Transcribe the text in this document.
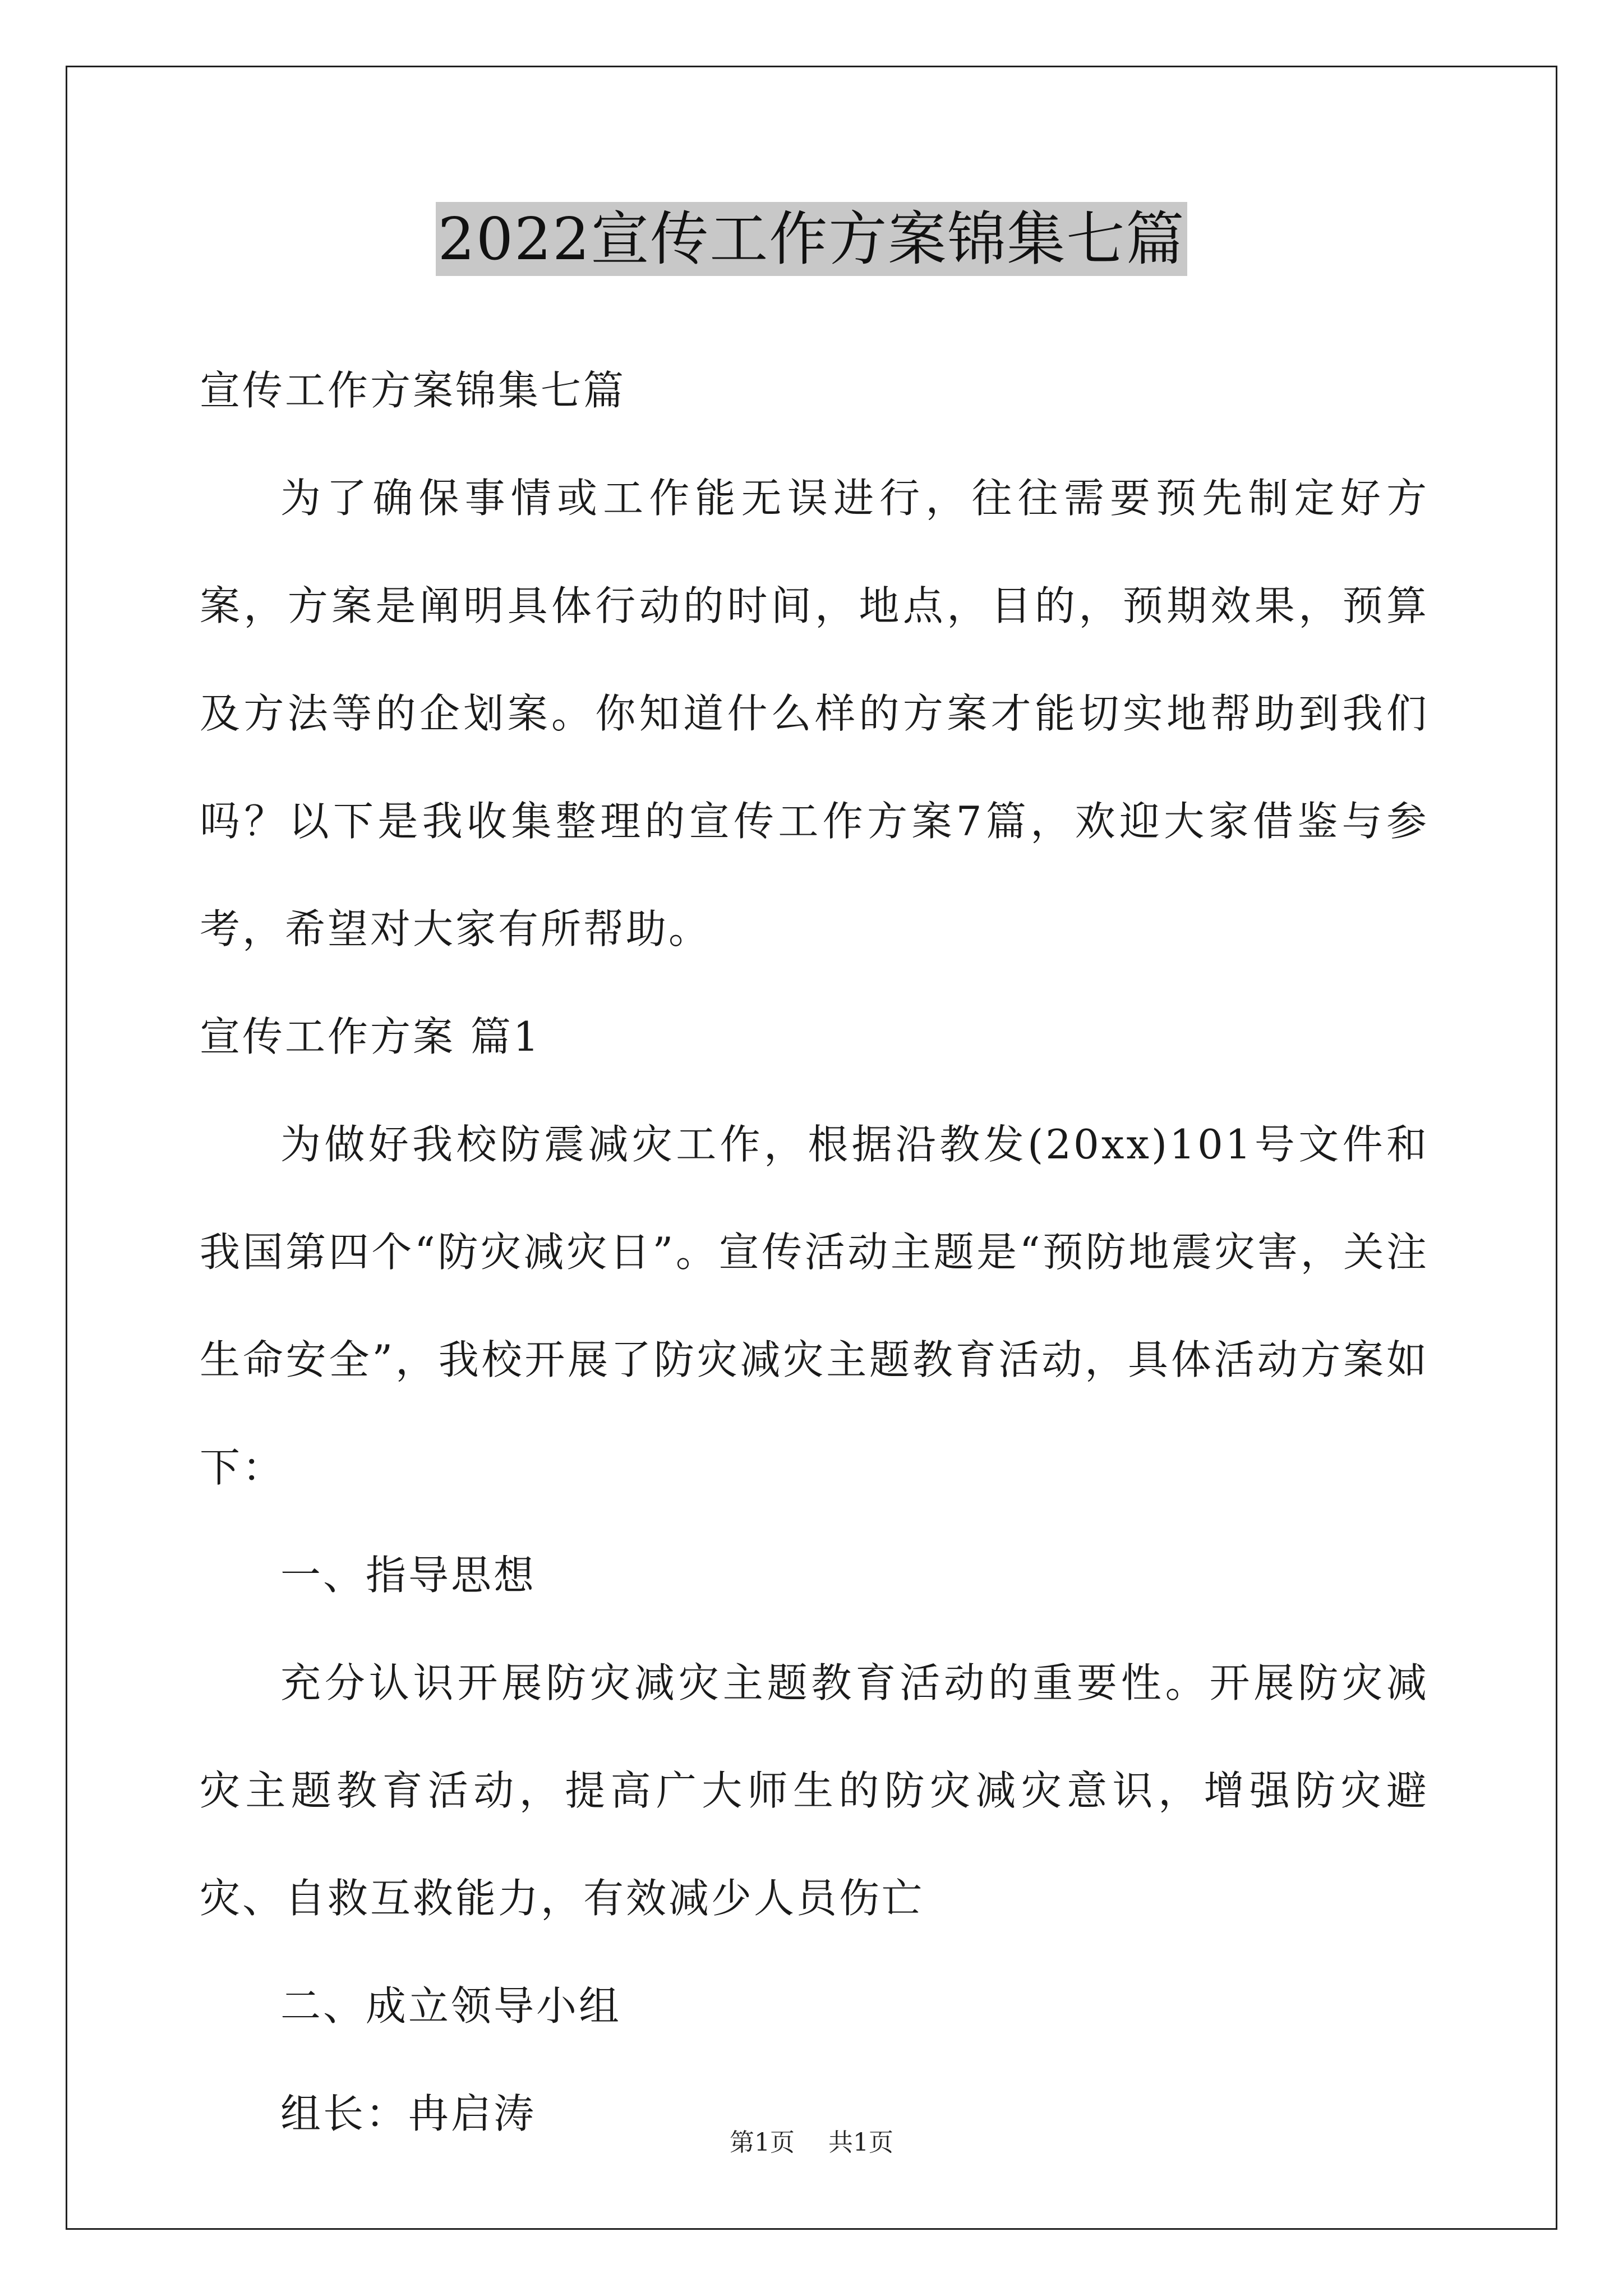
2022宣传工作方案锦集七篇

宣传工作方案锦集七篇

为了确保事情或工作能无误进行，往往需要预先制定好方案，方案是阐明具体行动的时间，地点，目的，预期效果，预算及方法等的企划案。你知道什么样的方案才能切实地帮助到我们吗？以下是我收集整理的宣传工作方案7篇，欢迎大家借鉴与参考，希望对大家有所帮助。

宣传工作方案 篇1

为做好我校防震减灾工作，根据沿教发(20xx)101号文件和我国第四个“防灾减灾日”。宣传活动主题是“预防地震灾害，关注生命安全”，我校开展了防灾减灾主题教育活动，具体活动方案如下：

一、指导思想

充分认识开展防灾减灾主题教育活动的重要性。开展防灾减灾主题教育活动，提高广大师生的防灾减灾意识，增强防灾避灾、自救互救能力，有效减少人员伤亡

二、成立领导小组

组长：冉启涛

第1页 共1页
